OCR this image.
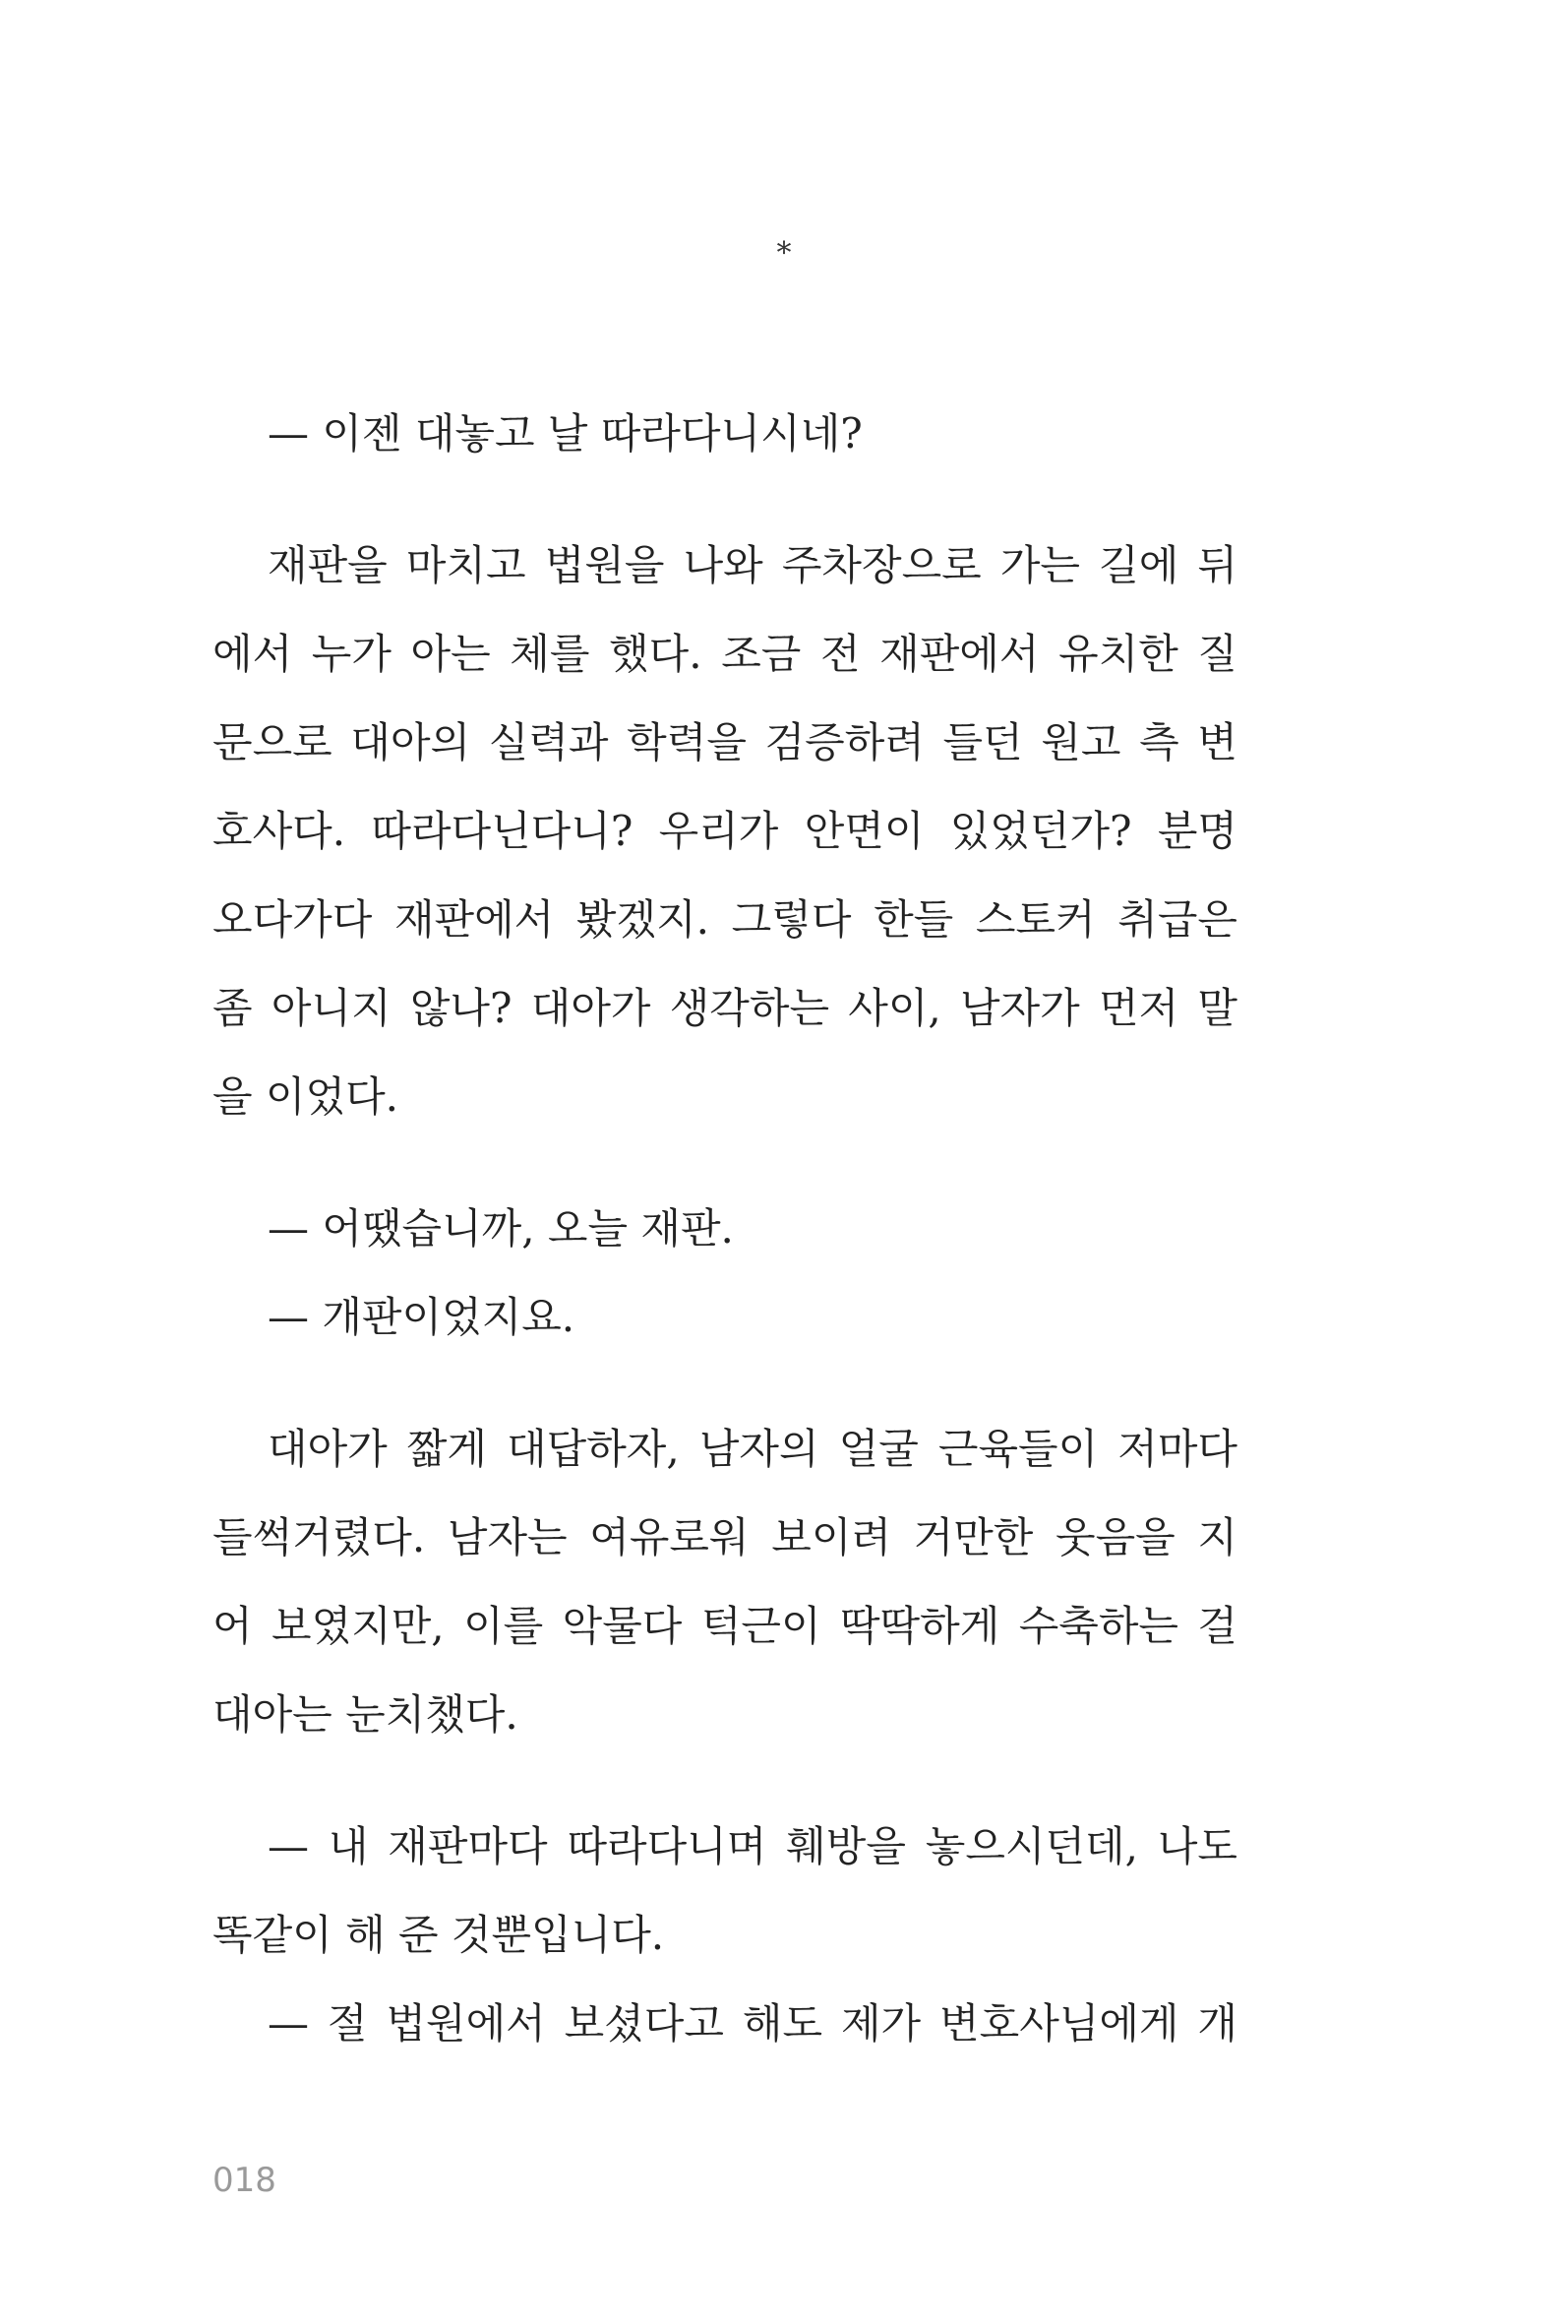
*
— 이젠 대놓고 날 따라다니시네?
재판을 마치고 법원을 나와 주차장으로 가는 길에 뒤
에서 누가 아는 체를 했다. 조금 전 재판에서 유치한 질
문으로 대아의 실력과 학력을 검증하려 들던 원고 측 변
호사다. 따라다닌다니? 우리가 안면이 있었던가? 분명
오다가다 재판에서 봤겠지. 그렇다 한들 스토커 취급은
좀 아니지 않나? 대아가 생각하는 사이, 남자가 먼저 말
을 이었다.
— 어땠습니까, 오늘 재판.
— 개판이었지요.
대아가 짧게 대답하자, 남자의 얼굴 근육들이 저마다
들썩거렸다. 남자는 여유로워 보이려 거만한 웃음을 지
어 보였지만, 이를 악물다 턱근이 딱딱하게 수축하는 걸
대아는 눈치챘다.
— 내 재판마다 따라다니며 훼방을 놓으시던데, 나도
똑같이 해 준 것뿐입니다.
— 절 법원에서 보셨다고 해도 제가 변호사님에게 개
018
